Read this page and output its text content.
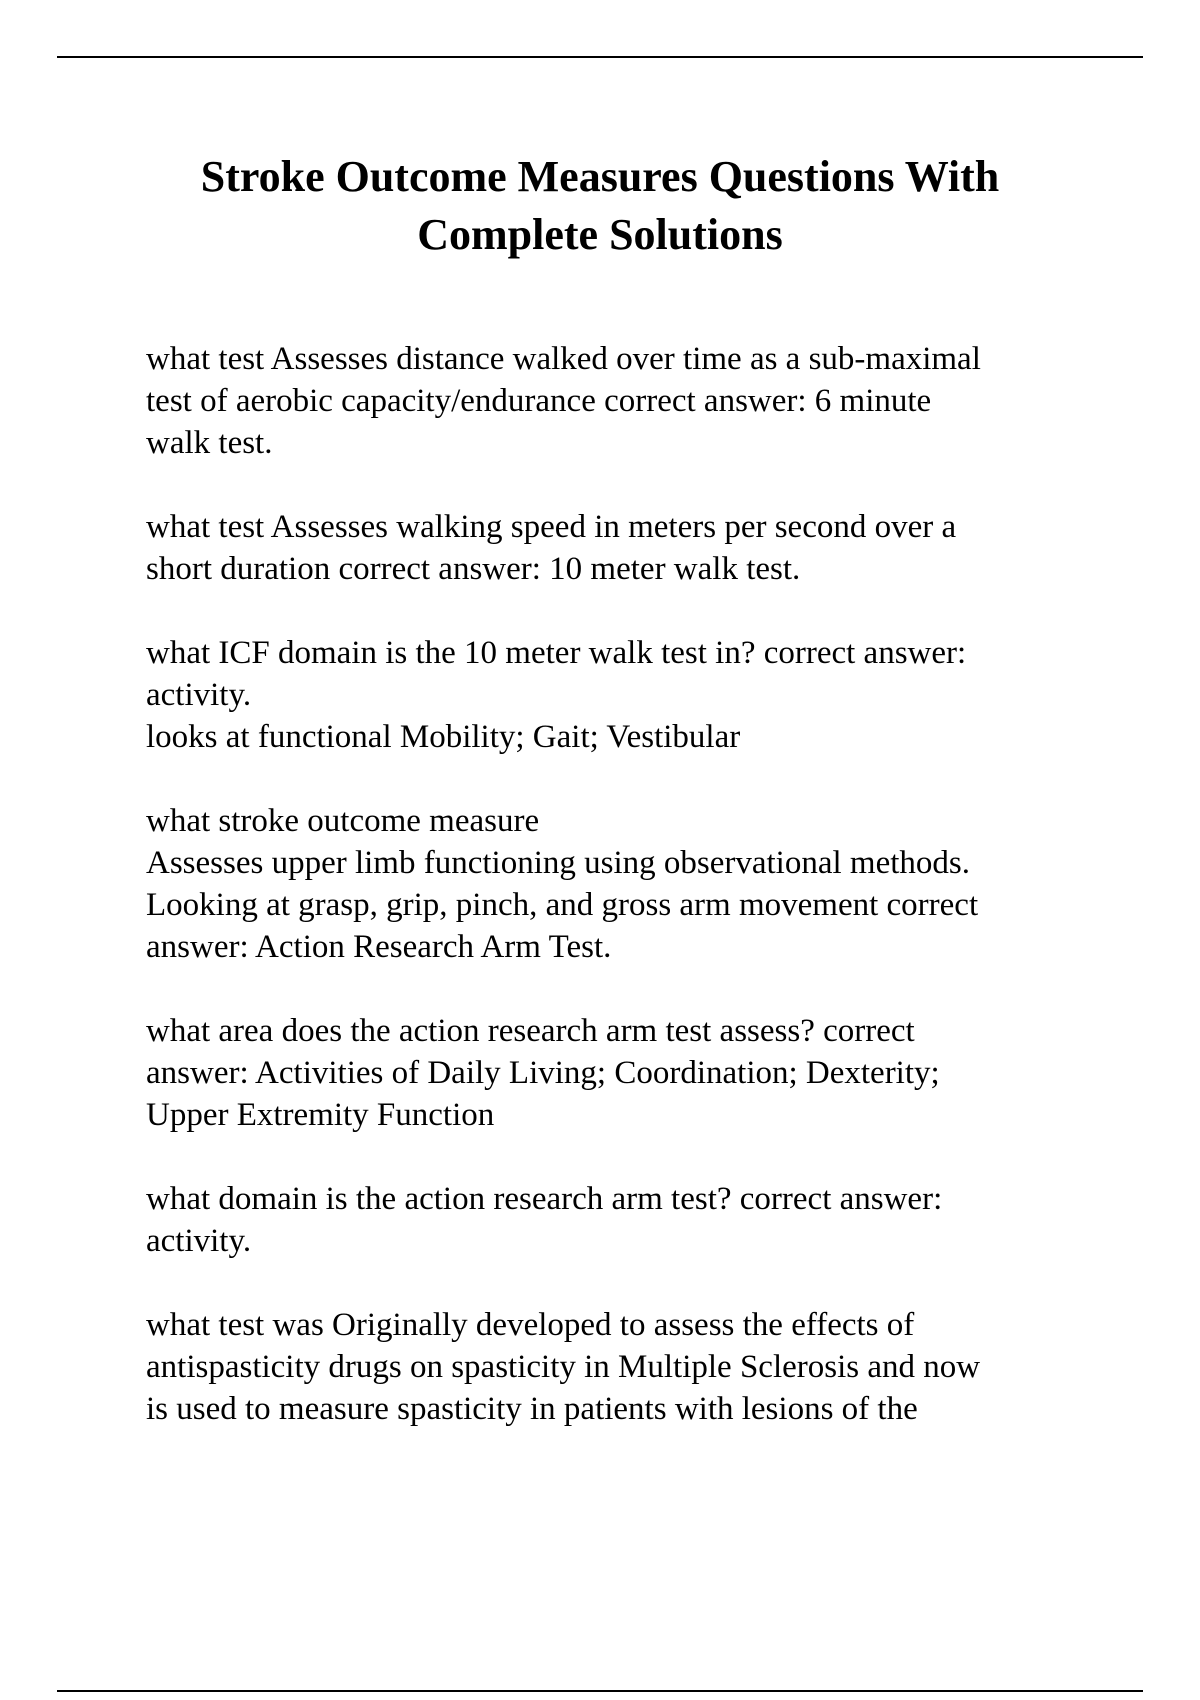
Stroke Outcome Measures Questions With
Complete Solutions

what test Assesses distance walked over time as a sub-maximal
test of aerobic capacity/endurance correct answer: 6 minute
walk test.

what test Assesses walking speed in meters per second over a
short duration correct answer: 10 meter walk test.

what ICF domain is the 10 meter walk test in? correct answer:
activity.
looks at functional Mobility; Gait; Vestibular

what stroke outcome measure
Assesses upper limb functioning using observational methods.
Looking at grasp, grip, pinch, and gross arm movement correct
answer: Action Research Arm Test.

what area does the action research arm test assess? correct
answer: Activities of Daily Living; Coordination; Dexterity;
Upper Extremity Function

what domain is the action research arm test? correct answer:
activity.

what test was Originally developed to assess the effects of
antispasticity drugs on spasticity in Multiple Sclerosis and now
is used to measure spasticity in patients with lesions of the
